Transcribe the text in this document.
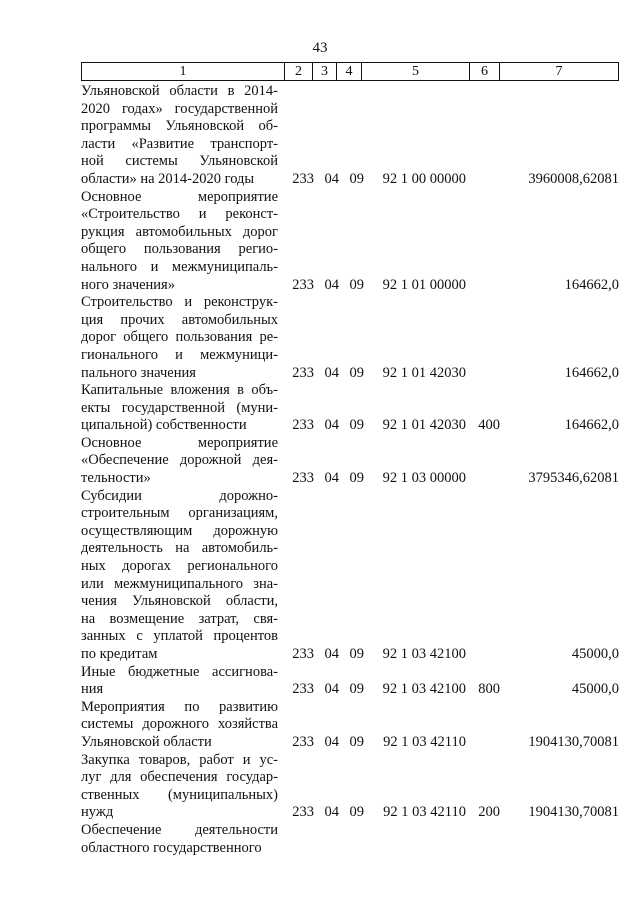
43
1	2	3	4	5	6	7
Ульяновской области в 2014-
2020 годах» государственной
программы Ульяновской об-
ласти «Развитие транспорт-
ной системы Ульяновской
области» на 2014-2020 годы	233 04 09	92 1 00 00000	3960008,62081
Основное мероприятие
«Строительство и реконст-
рукция автомобильных дорог
общего пользования регио-
нального и межмуниципаль-
ного значения»	233 04 09	92 1 01 00000	164662,0
Строительство и реконструк-
ция прочих автомобильных
дорог общего пользования ре-
гионального и межмуници-
пального значения	233 04 09	92 1 01 42030	164662,0
Капитальные вложения в объ-
екты государственной (муни-
ципальной) собственности	233 04 09	92 1 01 42030 400	164662,0
Основное мероприятие
«Обеспечение дорожной дея-
тельности»	233 04 09	92 1 03 00000	3795346,62081
Субсидии дорожно-
строительным организациям,
осуществляющим дорожную
деятельность на автомобиль-
ных дорогах регионального
или межмуниципального зна-
чения Ульяновской области,
на возмещение затрат, свя-
занных с уплатой процентов
по кредитам	233 04 09	92 1 03 42100	45000,0
Иные бюджетные ассигнова-
ния	233 04 09	92 1 03 42100 800	45000,0
Мероприятия по развитию
системы дорожного хозяйства
Ульяновской области	233 04 09	92 1 03 42110	1904130,70081
Закупка товаров, работ и ус-
луг для обеспечения государ-
ственных (муниципальных)
нужд	233 04 09	92 1 03 42110 200	1904130,70081
Обеспечение деятельности
областного государственного
